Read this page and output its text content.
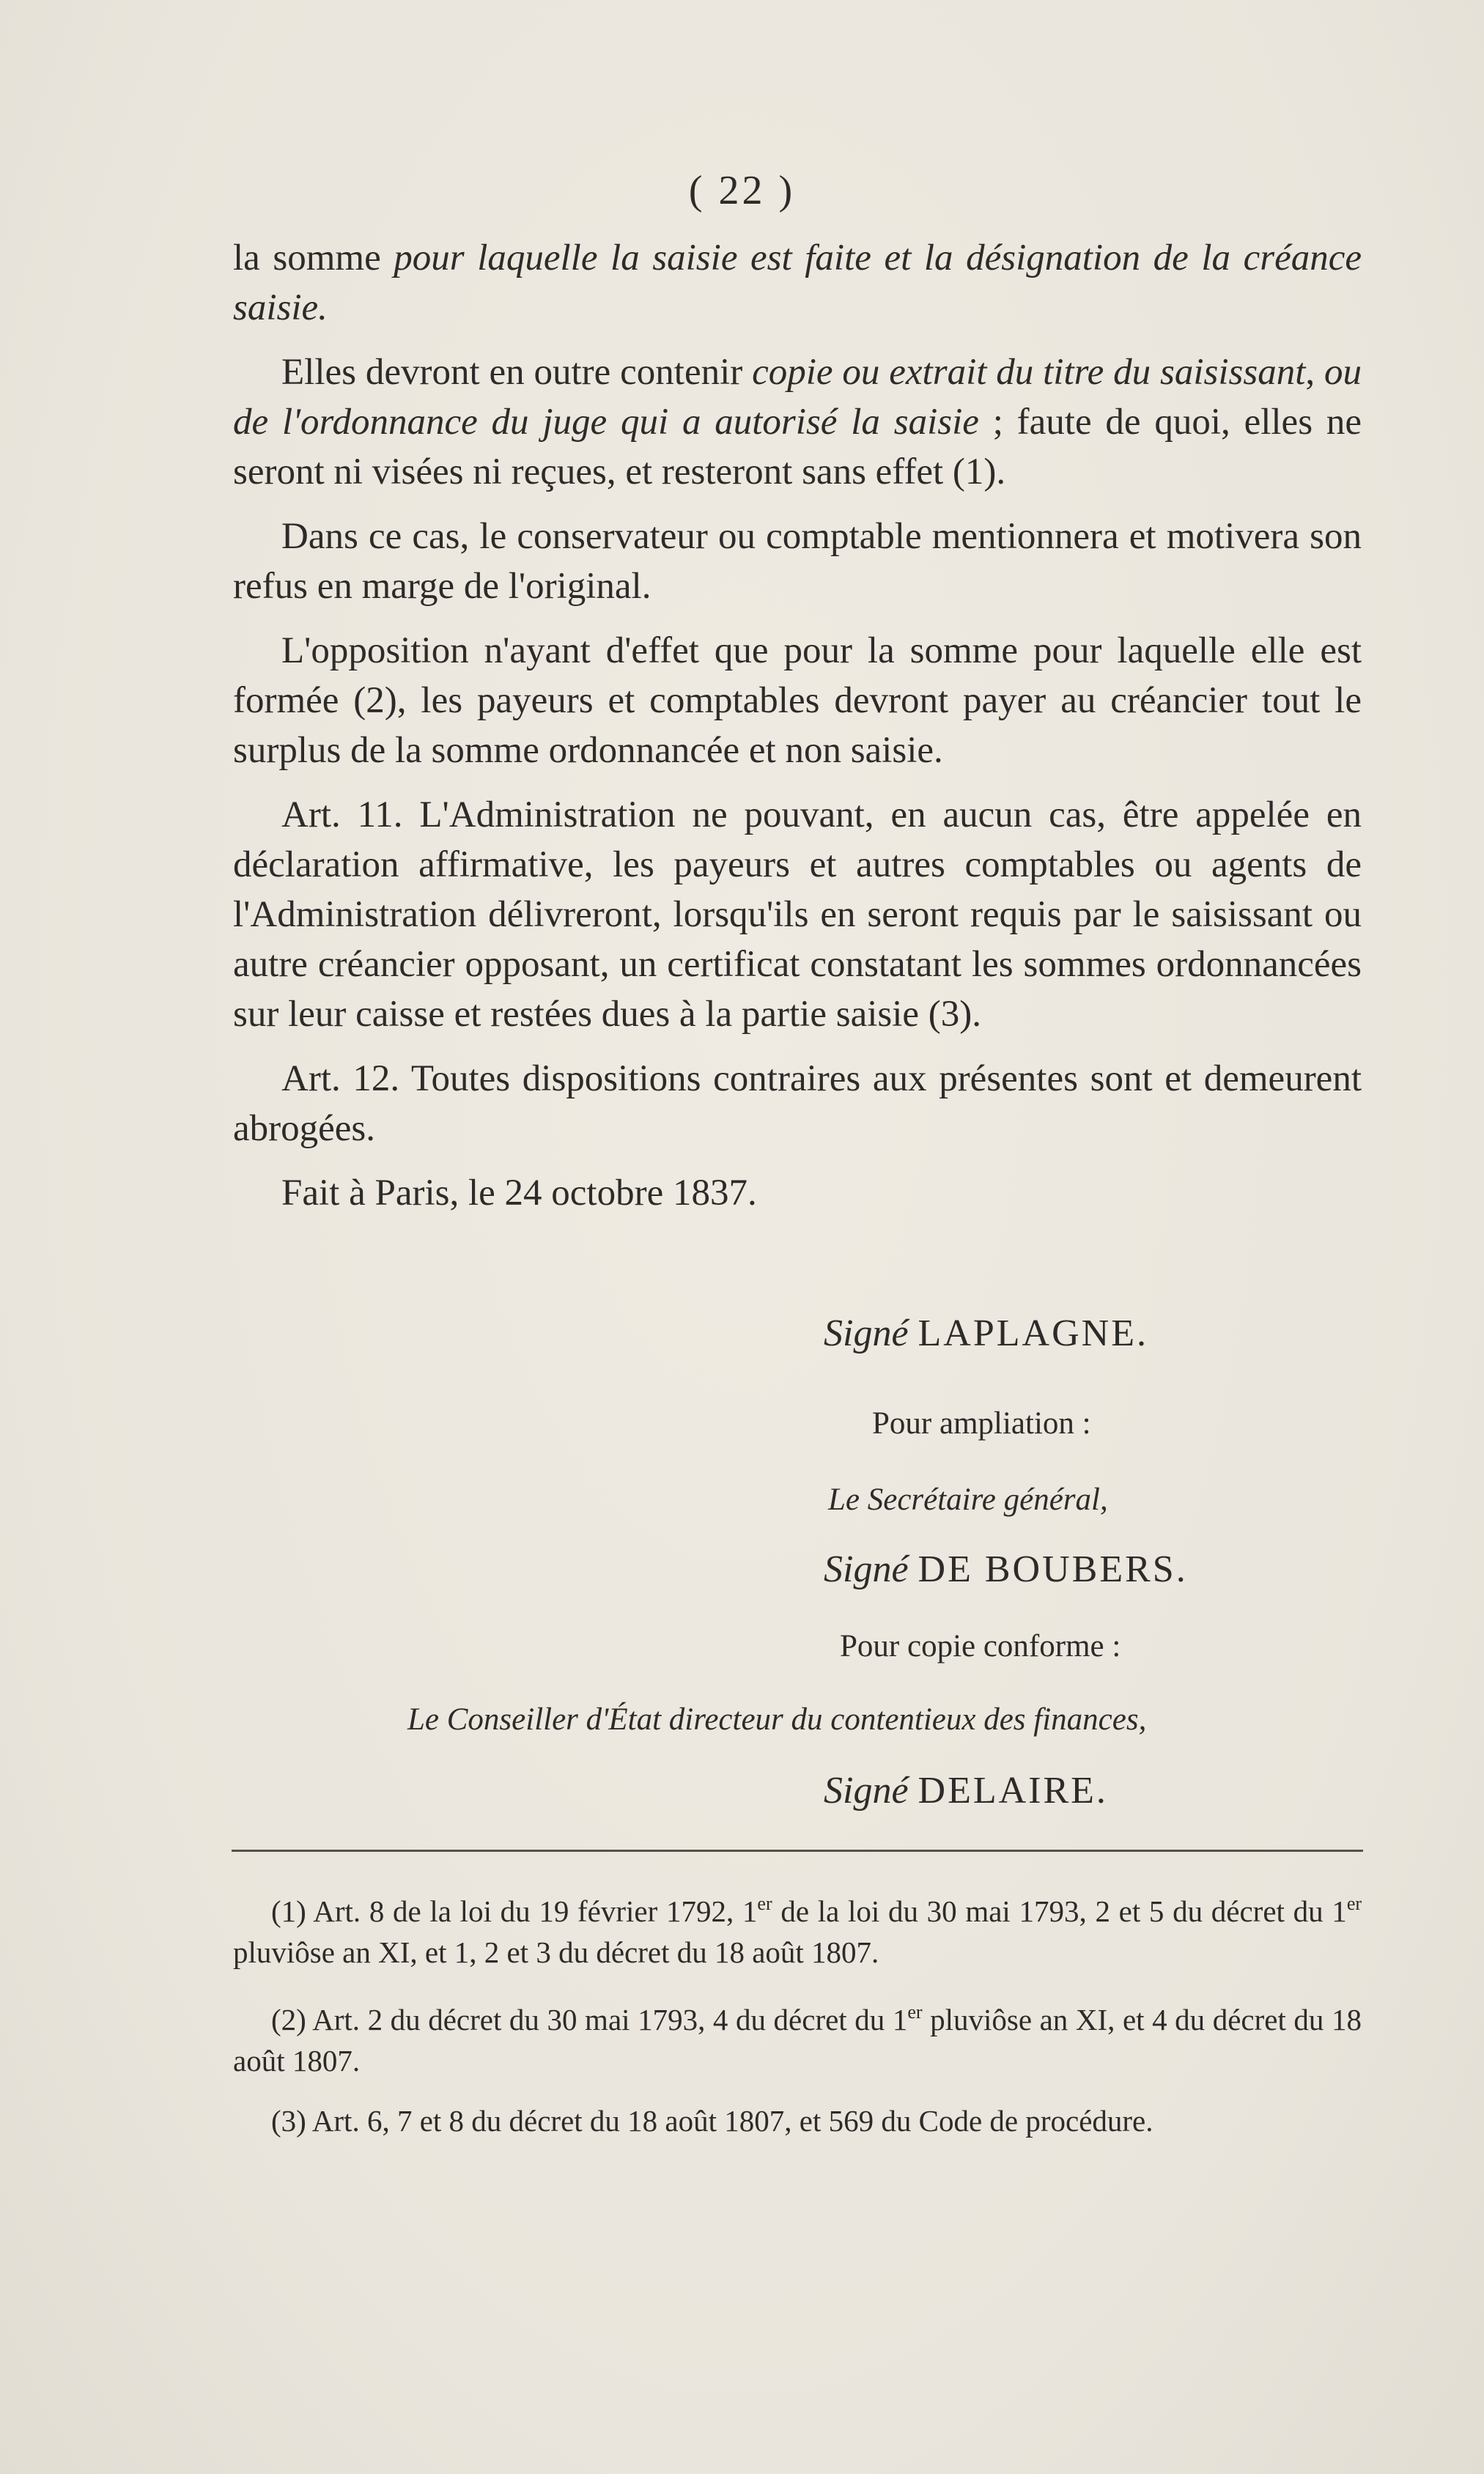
( 22 )

la somme pour laquelle la saisie est faite et la désignation de la créance saisie.

Elles devront en outre contenir copie ou extrait du titre du saisissant, ou de l'ordonnance du juge qui a autorisé la saisie ; faute de quoi, elles ne seront ni visées ni reçues, et resteront sans effet (1).

Dans ce cas, le conservateur ou comptable mentionnera et motivera son refus en marge de l'original.

L'opposition n'ayant d'effet que pour la somme pour laquelle elle est formée (2), les payeurs et comptables devront payer au créancier tout le surplus de la somme ordonnancée et non saisie.

Art. 11. L'Administration ne pouvant, en aucun cas, être appelée en déclaration affirmative, les payeurs et autres comptables ou agents de l'Administration délivreront, lorsqu'ils en seront requis par le saisissant ou autre créancier opposant, un certificat constatant les sommes ordonnancées sur leur caisse et restées dues à la partie saisie (3).

Art. 12. Toutes dispositions contraires aux présentes sont et demeurent abrogées.

Fait à Paris, le 24 octobre 1837.

Signé LAPLAGNE.
Pour ampliation :
Le Secrétaire général,
Signé DE BOUBERS.
Pour copie conforme :
Le Conseiller d'État directeur du contentieux des finances,
Signé DELAIRE.

(1) Art. 8 de la loi du 19 février 1792, 1er de la loi du 30 mai 1793, 2 et 5 du décret du 1er pluviôse an XI, et 1, 2 et 3 du décret du 18 août 1807.

(2) Art. 2 du décret du 30 mai 1793, 4 du décret du 1er pluviôse an XI, et 4 du décret du 18 août 1807.

(3) Art. 6, 7 et 8 du décret du 18 août 1807, et 569 du Code de procédure.
